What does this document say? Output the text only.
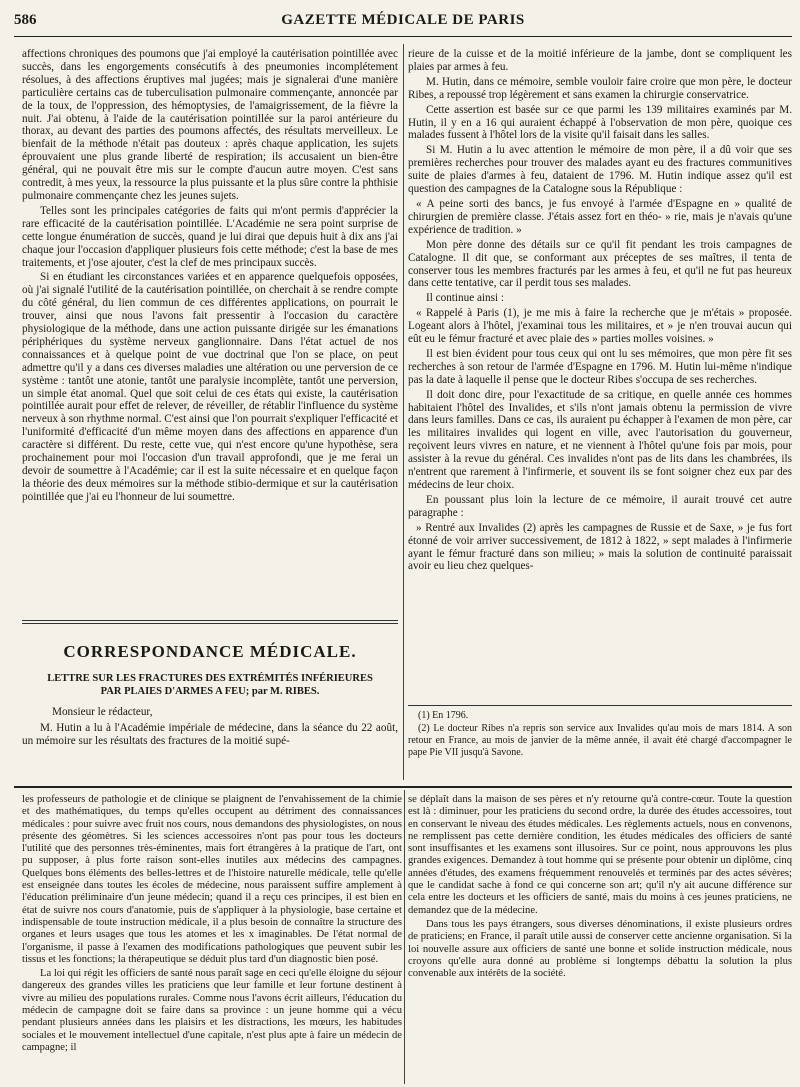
586	GAZETTE MÉDICALE DE PARIS

affections chroniques des poumons que j'ai employé la cautérisation pointillée avec succès, dans les engorgements consécutifs à des pneumonies incomplétement résolues, à des affections éruptives mal jugées; mais je signalerai d'une manière particulière certains cas de tuberculisation pulmonaire commençante, annoncée par de la toux, de l'oppression, des hémoptysies, de l'amaigrissement, de la fièvre la nuit. J'ai obtenu, à l'aide de la cautérisation pointillée sur la paroi antérieure du thorax, au devant des parties des poumons affectés, des résultats merveilleux. Le bienfait de la méthode n'était pas douteux : après chaque application, les sujets éprouvaient une plus grande liberté de respiration; ils accusaient un bien-être général, qui ne pouvait être mis sur le compte d'aucun autre moyen. C'est sans contredit, à mes yeux, la ressource la plus puissante et la plus sûre contre la phthisie pulmonaire commençante chez les jeunes sujets.

Telles sont les principales catégories de faits qui m'ont permis d'apprécier la rare efficacité de la cautérisation pointillée. L'Académie ne sera point surprise de cette longue énumération de succès, quand je lui dirai que depuis huit à dix ans j'ai chaque jour l'occasion d'appliquer plusieurs fois cette méthode; c'est la base de mes traitements, et j'ose ajouter, c'est la clef de mes principaux succès.

Si en étudiant les circonstances variées et en apparence quelquefois opposées, où j'ai signalé l'utilité de la cautérisation pointillée, on cherchait à se rendre compte du côté général, du lien commun de ces différentes applications, on pourrait le trouver, ainsi que nous l'avons fait pressentir à l'occasion du caractère physiologique de la méthode, dans une action puissante dirigée sur les émanations périphériques du système nerveux ganglionnaire. Dans l'état actuel de nos connaissances et à quelque point de vue doctrinal que l'on se place, on peut admettre qu'il y a dans ces diverses maladies une altération ou une perversion de ce système : tantôt une atonie, tantôt une paralysie incomplète, tantôt une perversion, un simple état anomal. Quel que soit celui de ces états qui existe, la cautérisation pointillée aurait pour effet de relever, de réveiller, de rétablir l'influence du système nerveux à son rhythme normal. C'est ainsi que l'on pourrait s'expliquer l'efficacité et l'uniformité d'efficacité d'un même moyen dans des affections en apparence d'un caractère si différent. Du reste, cette vue, qui n'est encore qu'une hypothèse, sera prochainement pour moi l'occasion d'un travail approfondi, que je me ferai un devoir de soumettre à l'Académie; car il est la suite nécessaire et en quelque façon la théorie des deux mémoires sur la méthode stibio-dermique et sur la cautérisation pointillée que j'ai eu l'honneur de lui soumettre.

CORRESPONDANCE MÉDICALE.
LETTRE SUR LES FRACTURES DES EXTRÉMITÉS INFÉRIEURES
PAR PLAIES D'ARMES A FEU; par M. RIBES.

Monsieur le rédacteur,

M. Hutin a lu à l'Académie impériale de médecine, dans la séance du 22 août, un mémoire sur les résultats des fractures de la moitié supé-

rieure de la cuisse et de la moitié inférieure de la jambe, dont se compliquent les plaies par armes à feu.

M. Hutin, dans ce mémoire, semble vouloir faire croire que mon père, le docteur Ribes, a repoussé trop légèrement et sans examen la chirurgie conservatrice.

Cette assertion est basée sur ce que parmi les 139 militaires examinés par M. Hutin, il y en a 16 qui auraient échappé à l'observation de mon père, quoique ces malades fussent à l'hôtel lors de la visite qu'il faisait dans les salles.

Si M. Hutin a lu avec attention le mémoire de mon père, il a dû voir que ses premières recherches pour trouver des malades ayant eu des fractures communitives suite de plaies d'armes à feu, dataient de 1796. M. Hutin indique assez qu'il est question des campagnes de la Catalogne sous la République :

« A peine sorti des bancs, je fus envoyé à l'armée d'Espagne en » qualité de chirurgien de première classe. J'étais assez fort en théo- » rie, mais je n'avais qu'une expérience de tradition. »

Mon père donne des détails sur ce qu'il fit pendant les trois campagnes de Catalogne. Il dit que, se conformant aux préceptes de ses maîtres, il tenta de conserver tous les membres fracturés par les armes à feu, et qu'il ne fut pas heureux dans cette tentative, car il perdit tous ses malades.

Il continue ainsi :

« Rappelé à Paris (1), je me mis à faire la recherche que je m'étais » proposée. Logeant alors à l'hôtel, j'examinai tous les militaires, et » je n'en trouvai aucun qui eût eu le fémur fracturé et avec plaie des » parties molles voisines. »

Il est bien évident pour tous ceux qui ont lu ses mémoires, que mon père fit ses recherches à son retour de l'armée d'Espagne en 1796. M. Hutin lui-même n'indique pas la date à laquelle il pense que le docteur Ribes s'occupa de ses recherches.

Il doit donc dire, pour l'exactitude de sa critique, en quelle année ces hommes habitaient l'hôtel des Invalides, et s'ils n'ont jamais obtenu la permission de vivre dans leurs familles. Dans ce cas, ils auraient pu échapper à l'examen de mon père, car les militaires invalides qui logent en ville, avec l'autorisation du gouverneur, reçoivent leurs vivres en nature, et ne viennent à l'hôtel qu'une fois par mois, pour assister à la revue du général. Ces invalides n'ont pas de lits dans les chambrées, ils n'entrent que rarement à l'infirmerie, et souvent ils se font soigner chez eux par des médecins de leur choix.

En poussant plus loin la lecture de ce mémoire, il aurait trouvé cet autre paragraphe :

» Rentré aux Invalides (2) après les campagnes de Russie et de Saxe, » je fus fort étonné de voir arriver successivement, de 1812 à 1822, » sept malades à l'infirmerie ayant le fémur fracturé dans son milieu; » mais la solution de continuité paraissait avoir eu lieu chez quelques-

(1) En 1796.

(2) Le docteur Ribes n'a repris son service aux Invalides qu'au mois de mars 1814. A son retour en France, au mois de janvier de la même année, il avait été chargé d'accompagner le pape Pie VII jusqu'à Savone.

les professeurs de pathologie et de clinique se plaignent de l'envahissement de la chimie et des mathématiques, du temps qu'elles occupent au détriment des connaissances médicales : pour suivre avec fruit nos cours, nous demandons des physiologistes, on nous présente des géomètres. Si les sciences accessoires n'ont pas pour tous les docteurs l'utilité que des personnes très-éminentes, mais fort étrangères à la pratique de l'art, ont pu supposer, à plus forte raison sont-elles inutiles aux médecins des campagnes. Quelques bons éléments des belles-lettres et de l'histoire naturelle médicale, telle qu'elle est enseignée dans toutes les écoles de médecine, nous paraissent suffire amplement à l'éducation préliminaire d'un jeune médecin; quand il a reçu ces principes, il est bien en état de suivre nos cours d'anatomie, puis de s'appliquer à la physiologie, base certaine et indispensable de toute instruction médicale, il a plus besoin de connaître la structure des organes et leurs usages que tous les atomes et les x imaginables. De l'état normal de l'organisme, il passe à l'examen des modifications pathologiques que peuvent subir les tissus et les fonctions; la thérapeutique se déduit plus tard d'un diagnostic bien posé.

La loi qui régit les officiers de santé nous paraît sage en ceci qu'elle éloigne du séjour dangereux des grandes villes les praticiens que leur famille et leur fortune destinent à vivre au milieu des populations rurales. Comme nous l'avons écrit ailleurs, l'éducation du médecin de campagne doit se faire dans sa province : un jeune homme qui a vécu pendant plusieurs années dans les plaisirs et les distractions, les mœurs, les habitudes sociales et le mouvement intellectuel d'une capitale, n'est plus apte à faire un médecin de campagne; il

se déplaît dans la maison de ses pères et n'y retourne qu'à contre-cœur. Toute la question est là : diminuer, pour les praticiens du second ordre, la durée des études accessoires, tout en conservant le niveau des études médicales. Les règlements actuels, nous en convenons, ne remplissent pas cette dernière condition, les études médicales des officiers de santé sont insuffisantes et les examens sont illusoires. Sur ce point, nous approuvons les plus grandes exigences. Demandez à tout homme qui se présente pour obtenir un diplôme, cinq années d'études, des examens fréquemment renouvelés et terminés par des actes sévères; que le candidat sache à fond ce qui concerne son art; qu'il n'y ait aucune différence sur cela entre les docteurs et les officiers de santé, mais du moins à ces jeunes praticiens, ne demandez que de la médecine.

Dans tous les pays étrangers, sous diverses dénominations, il existe plusieurs ordres de praticiens; en France, il paraît utile aussi de conserver cette ancienne organisation. Si la loi nouvelle assure aux officiers de santé une bonne et solide instruction médicale, nous croyons qu'elle aura donné au problème si longtemps débattu la solution la plus convenable aux intérêts de la société.
